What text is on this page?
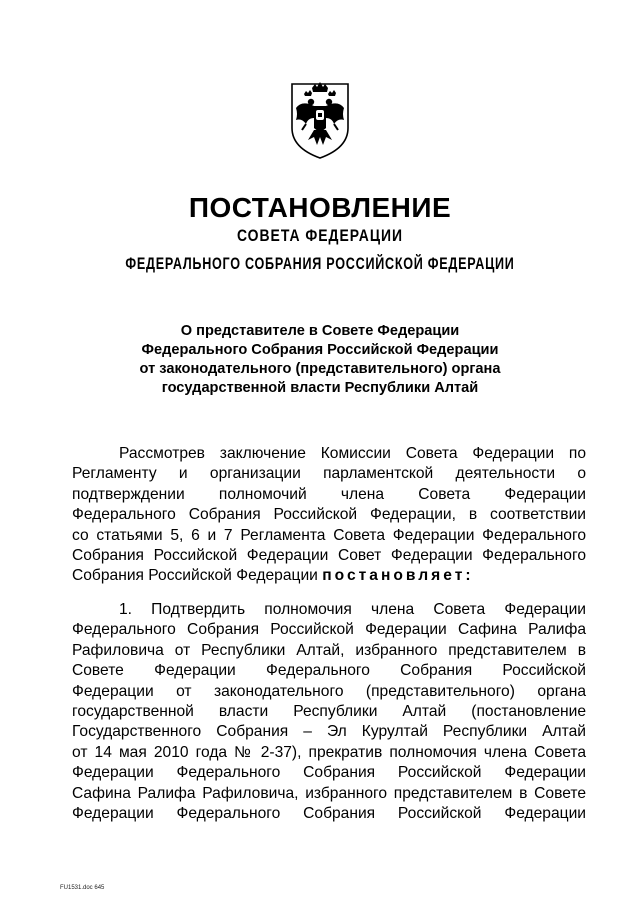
ПОСТАНОВЛЕНИЕ
СОВЕТА ФЕДЕРАЦИИ
ФЕДЕРАЛЬНОГО СОБРАНИЯ РОССИЙСКОЙ ФЕДЕРАЦИИ
О представителе в Совете Федерации
Федерального Собрания Российской Федерации
от законодательного (представительного) органа
государственной власти Республики Алтай
Рассмотрев заключение Комиссии Совета Федерации по
Регламенту и организации парламентской деятельности о
подтверждении полномочий члена Совета Федерации
Федерального Собрания Российской Федерации, в соответствии
со статьями 5, 6 и 7 Регламента Совета Федерации Федерального
Собрания Российской Федерации Совет Федерации Федерального
Собрания Российской Федерации постановляет:
1. Подтвердить полномочия члена Совета Федерации
Федерального Собрания Российской Федерации Сафина Ралифа
Рафиловича от Республики Алтай, избранного представителем в
Совете Федерации Федерального Собрания Российской
Федерации от законодательного (представительного) органа
государственной власти Республики Алтай (постановление
Государственного Собрания – Эл Курултай Республики Алтай
от 14 мая 2010 года № 2-37), прекратив полномочия члена Совета
Федерации Федерального Собрания Российской Федерации
Сафина Ралифа Рафиловича, избранного представителем в Совете
Федерации Федерального Собрания Российской Федерации
FU1531.doc 645
